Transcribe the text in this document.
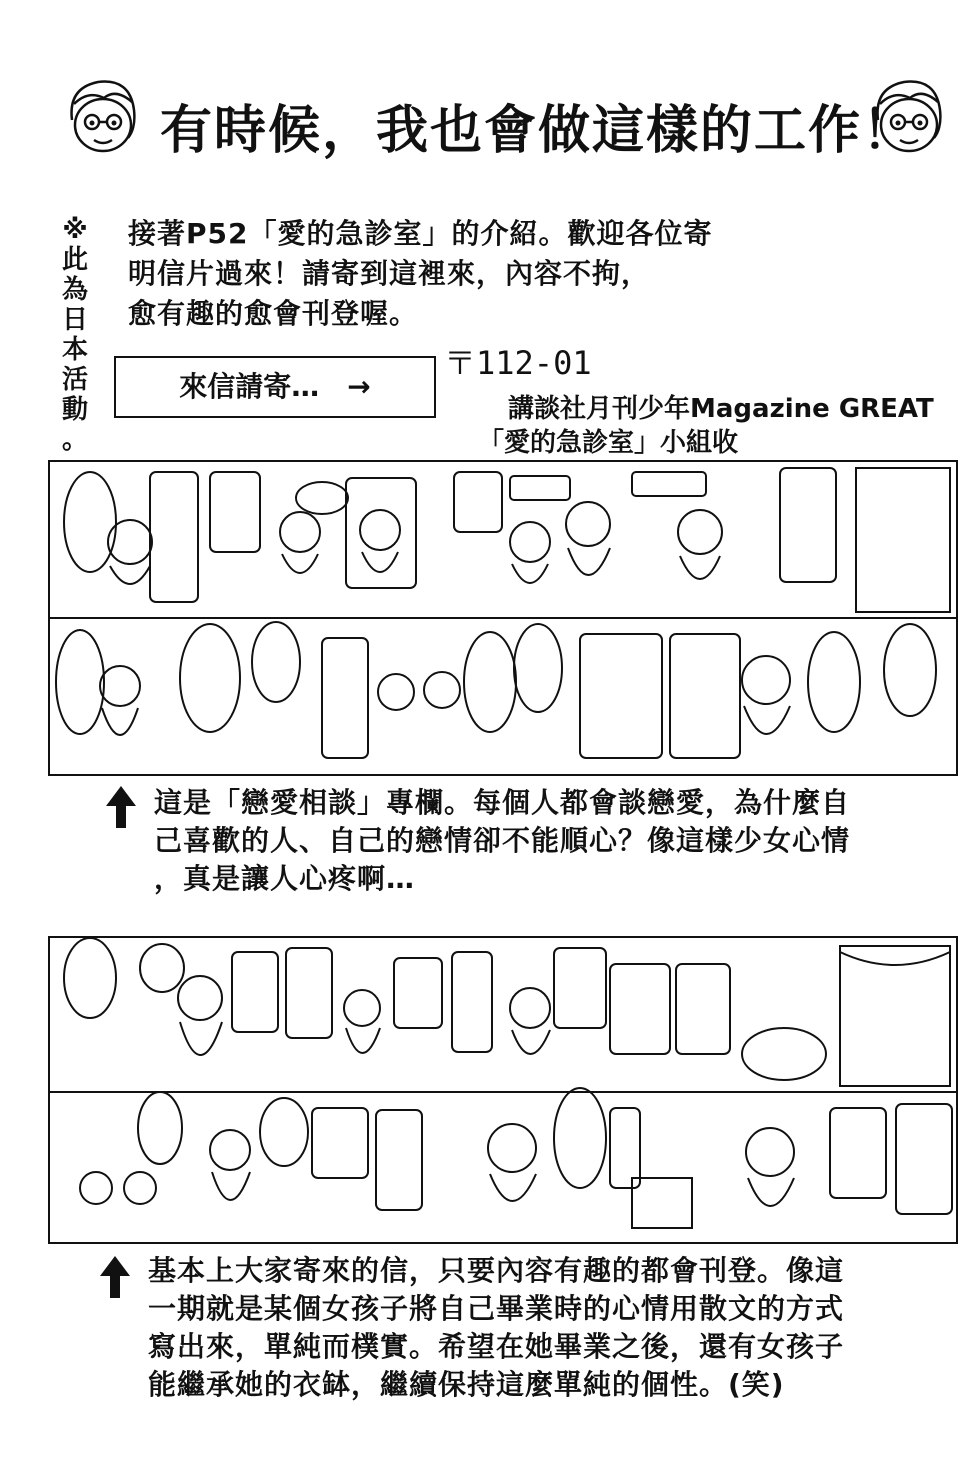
有時候，我也會做這樣的工作！
※
此
為
日
本
活
動
。
接著P52「愛的急診室」的介紹。歡迎各位寄
明信片過來！請寄到這裡來，內容不拘，
愈有趣的愈會刊登喔。
來信請寄…　→
〒112-01
講談社月刊少年Magazine GREAT
「愛的急診室」小組收
這是「戀愛相談」專欄。每個人都會談戀愛，為什麼自
己喜歡的人、自己的戀情卻不能順心？像這樣少女心情
，真是讓人心疼啊…
基本上大家寄來的信，只要內容有趣的都會刊登。像這
一期就是某個女孩子將自己畢業時的心情用散文的方式
寫出來，單純而樸實。希望在她畢業之後，還有女孩子
能繼承她的衣缽，繼續保持這麼單純的個性。(笑)
